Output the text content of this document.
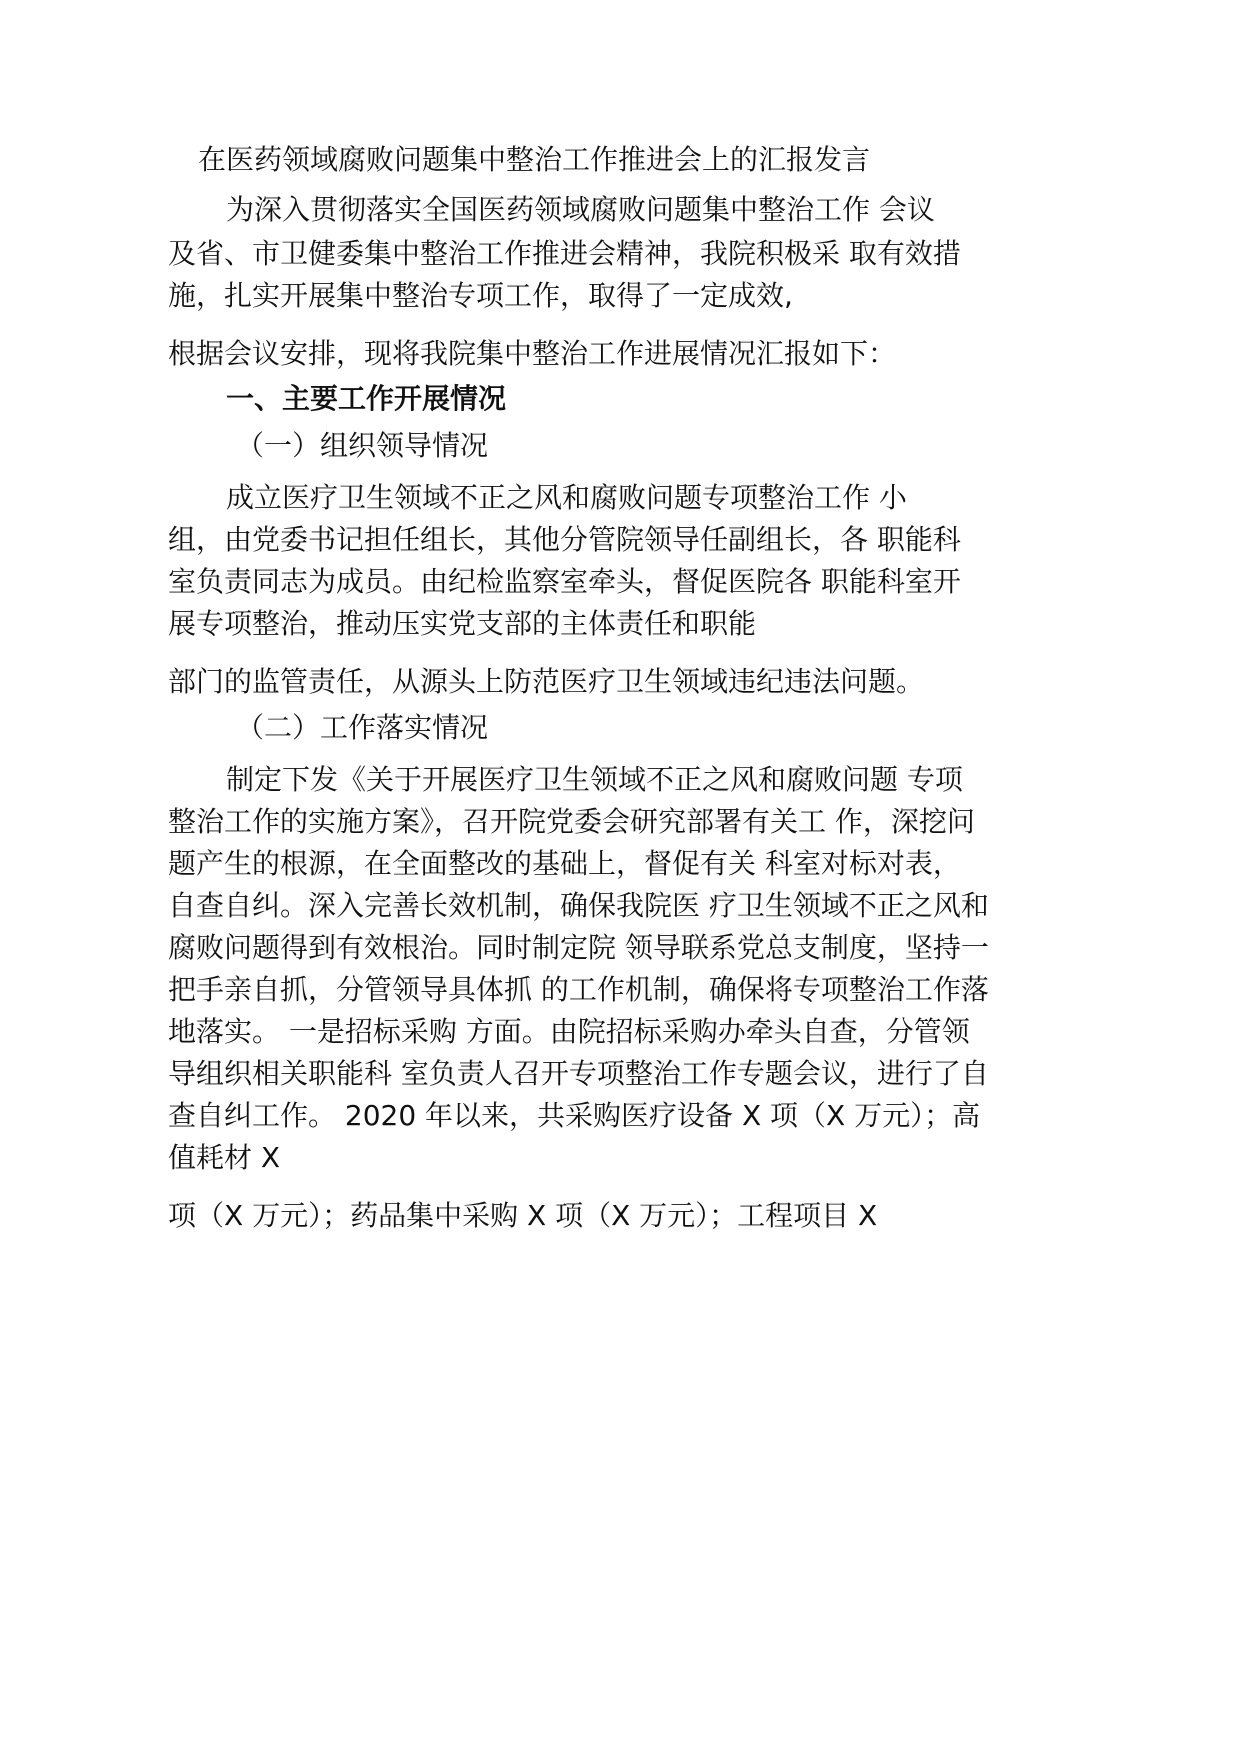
在医药领域腐败问题集中整治工作推进会上的汇报发言
为深入贯彻落实全国医药领域腐败问题集中整治工作 会议
及省、市卫健委集中整治工作推进会精神，我院积极采 取有效措
施，扎实开展集中整治专项工作，取得了一定成效,
根据会议安排，现将我院集中整治工作进展情况汇报如下：
一、主要工作开展情况
（一）组织领导情况
成立医疗卫生领域不正之风和腐败问题专项整治工作 小
组，由党委书记担任组长，其他分管院领导任副组长，各 职能科
室负责同志为成员。由纪检监察室牵头，督促医院各 职能科室开
展专项整治，推动压实党支部的主体责任和职能
部门的监管责任，从源头上防范医疗卫生领域违纪违法问题。
（二）工作落实情况
制定下发《关于开展医疗卫生领域不正之风和腐败问题 专项
整治工作的实施方案》，召开院党委会研究部署有关工 作，深挖问
题产生的根源，在全面整改的基础上，督促有关 科室对标对表，
自查自纠。深入完善长效机制，确保我院医 疗卫生领域不正之风和
腐败问题得到有效根治。同时制定院 领导联系党总支制度，坚持一
把手亲自抓，分管领导具体抓 的工作机制，确保将专项整治工作落
地落实。 一是招标采购 方面。由院招标采购办牵头自查，分管领
导组织相关职能科 室负责人召开专项整治工作专题会议，进行了自
查自纠工作。 2020 年以来，共采购医疗设备 X 项（X 万元）；高
值耗材 X
项（X 万元）；药品集中采购 X 项（X 万元）；工程项目 X
